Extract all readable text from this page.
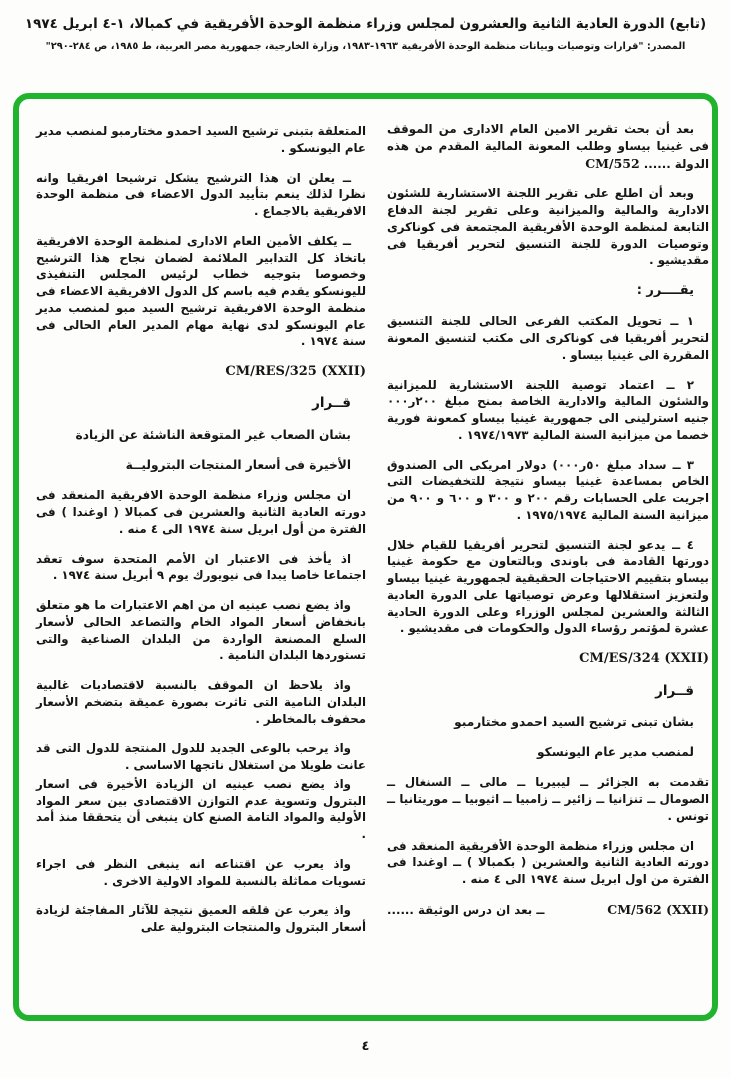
(تابع) الدورة العادية الثانية والعشرون لمجلس وزراء منظمة الوحدة الأفريقية في كمبالا، ١-٤ ابريل ١٩٧٤
المصدر: "قرارات وتوصيات وبيانات منظمة الوحدة الأفريقية ١٩٦٣-١٩٨٣، وزارة الخارجية، جمهورية مصر العربية، ط ١٩٨٥، ص ٢٨٤-٢٩٠"

بعد أن بحث تقرير الامين العام الادارى من الموقف فى غينيا بيساو وطلب المعونة المالية المقدم من هذه الدولة ...... CM/552

وبعد أن اطلع على تقرير اللجنة الاستشارية للشئون الادارية والمالية والميزانية وعلى تقرير لجنة الدفاع التابعة لمنظمة الوحدة الأفريقية المجتمعة فى كوناكرى وتوصيات الدورة للجنة التنسيق لتحرير أفريقيا فى مقديشيو .

يقــــرر :

١ ــ تحويل المكتب الفرعى الحالى للجنة التنسيق لتحرير أفريقيا فى كوناكرى الى مكتب لتنسيق المعونة المقررة الى غينيا بيساو .

٢ ــ اعتماد توصية اللجنة الاستشارية للميزانية والشئون المالية والادارية الخاصة بمنح مبلغ ٢٠٠ر٠٠٠ جنيه استرلينى الى جمهورية غينيا بيساو كمعونة فورية خصما من ميزانية السنة المالية ١٩٧٤/١٩٧٣ .

٣ ــ سداد مبلغ ٥٠ر٠٠٠) دولار امريكى الى الصندوق الخاص بمساعدة غينيا بيساو نتيجة للتخفيضات التى اجريت على الحسابات رقم ٢٠٠ و ٣٠٠ و ٦٠٠ و ٩٠٠ من ميزانية السنة المالية ١٩٧٥/١٩٧٤ .

٤ ــ يدعو لجنة التنسيق لتحرير أفريقيا للقيام خلال دورتها القادمة فى باوندى وبالتعاون مع حكومة غينيا بيساو بتقييم الاحتياجات الحقيقية لجمهورية غينيا بيساو ولتعزيز استقلالها وعرض توصياتها على الدورة العادية الثالثة والعشرين لمجلس الوزراء وعلى الدورة الحادية عشرة لمؤتمر رؤساء الدول والحكومات فى مقديشيو .

CM/ES/324 (XXII)

قــرار

بشان تبنى ترشيح السيد احمدو مختارمبو

لمنصب مدير عام اليونسكو

تقدمت به الجزائر ــ ليبيريا ــ مالى ــ السنغال ــ الصومال ــ تنزانيا ــ زائير ــ زامبيا ــ اثيوبيا ــ موريتانيا ــ تونس .

ان مجلس وزراء منظمة الوحدة الأفريقية المنعقد فى دورته العادية الثانية والعشرين ( بكمبالا ) ــ اوغندا فى الفترة من اول ابريل سنة ١٩٧٤ الى ٤ منه .

CM/562 (XXII)
ــ بعد ان درس الوثيقة ......

المتعلقة بتبنى ترشيح السيد احمدو مختارمبو لمنصب مدير عام اليونسكو .

ــ يعلن ان هذا الترشيح يشكل ترشيحا افريقيا وانه نظرا لذلك ينعم بتأييد الدول الاعضاء فى منظمة الوحدة الافريقية بالاجماع .

ــ يكلف الأمين العام الادارى لمنظمة الوحدة الافريقية باتخاذ كل التدابير الملائمة لضمان نجاح هذا الترشيح وخصوصا بتوجيه خطاب لرئيس المجلس التنفيذى لليونسكو يقدم فيه باسم كل الدول الافريقية الاعضاء فى منظمة الوحدة الافريقية ترشيح السيد مبو لمنصب مدير عام اليونسكو لدى نهاية مهام المدير العام الحالى فى سنة ١٩٧٤ .

CM/RES/325 (XXII)

قــرار

بشان الصعاب غير المتوقعة الناشئة عن الزيادة

الأخيرة فى أسعار المنتجات البتروليــة

ان مجلس وزراء منظمة الوحدة الافريقية المنعقد فى دورته العادية الثانية والعشرين فى كمبالا ( اوغندا ) فى الفترة من أول ابريل سنة ١٩٧٤ الى ٤ منه .

اذ يأخذ فى الاعتبار ان الأمم المتحدة سوف تعقد اجتماعا خاصا يبدا فى نيويورك يوم ٩ أبريل سنة ١٩٧٤ .

واذ يضع نصب عينيه ان من اهم الاعتبارات ما هو متعلق بانخفاض أسعار المواد الخام والتصاعد الحالى لأسعار السلع المصنعة الواردة من البلدان الصناعية والتى تستوردها البلدان النامية .

واذ يلاحظ ان الموقف بالنسبة لاقتصاديات غالبية البلدان النامية التى تاثرت بصورة عميقة بتضخم الأسعار محفوف بالمخاطر .

واذ يرحب بالوعى الجديد للدول المنتجة للدول التى قد عانت طويلا من استغلال ناتجها الاساسى .

واذ يضع نصب عينيه ان الزيادة الأخيرة فى اسعار البترول وتسوية عدم التوازن الاقتصادى بين سعر المواد الأولية والمواد التامة الصنع كان ينبغى أن يتحققا منذ أمد .

واذ يعرب عن اقتناعه انه ينبغى النظر فى اجراء تسويات مماثلة بالنسبة للمواد الاولية الاخرى .

واذ يعرب عن قلقه العميق نتيجة للآثار المفاجئة لزيادة أسعار البترول والمنتجات البترولية على

٤
